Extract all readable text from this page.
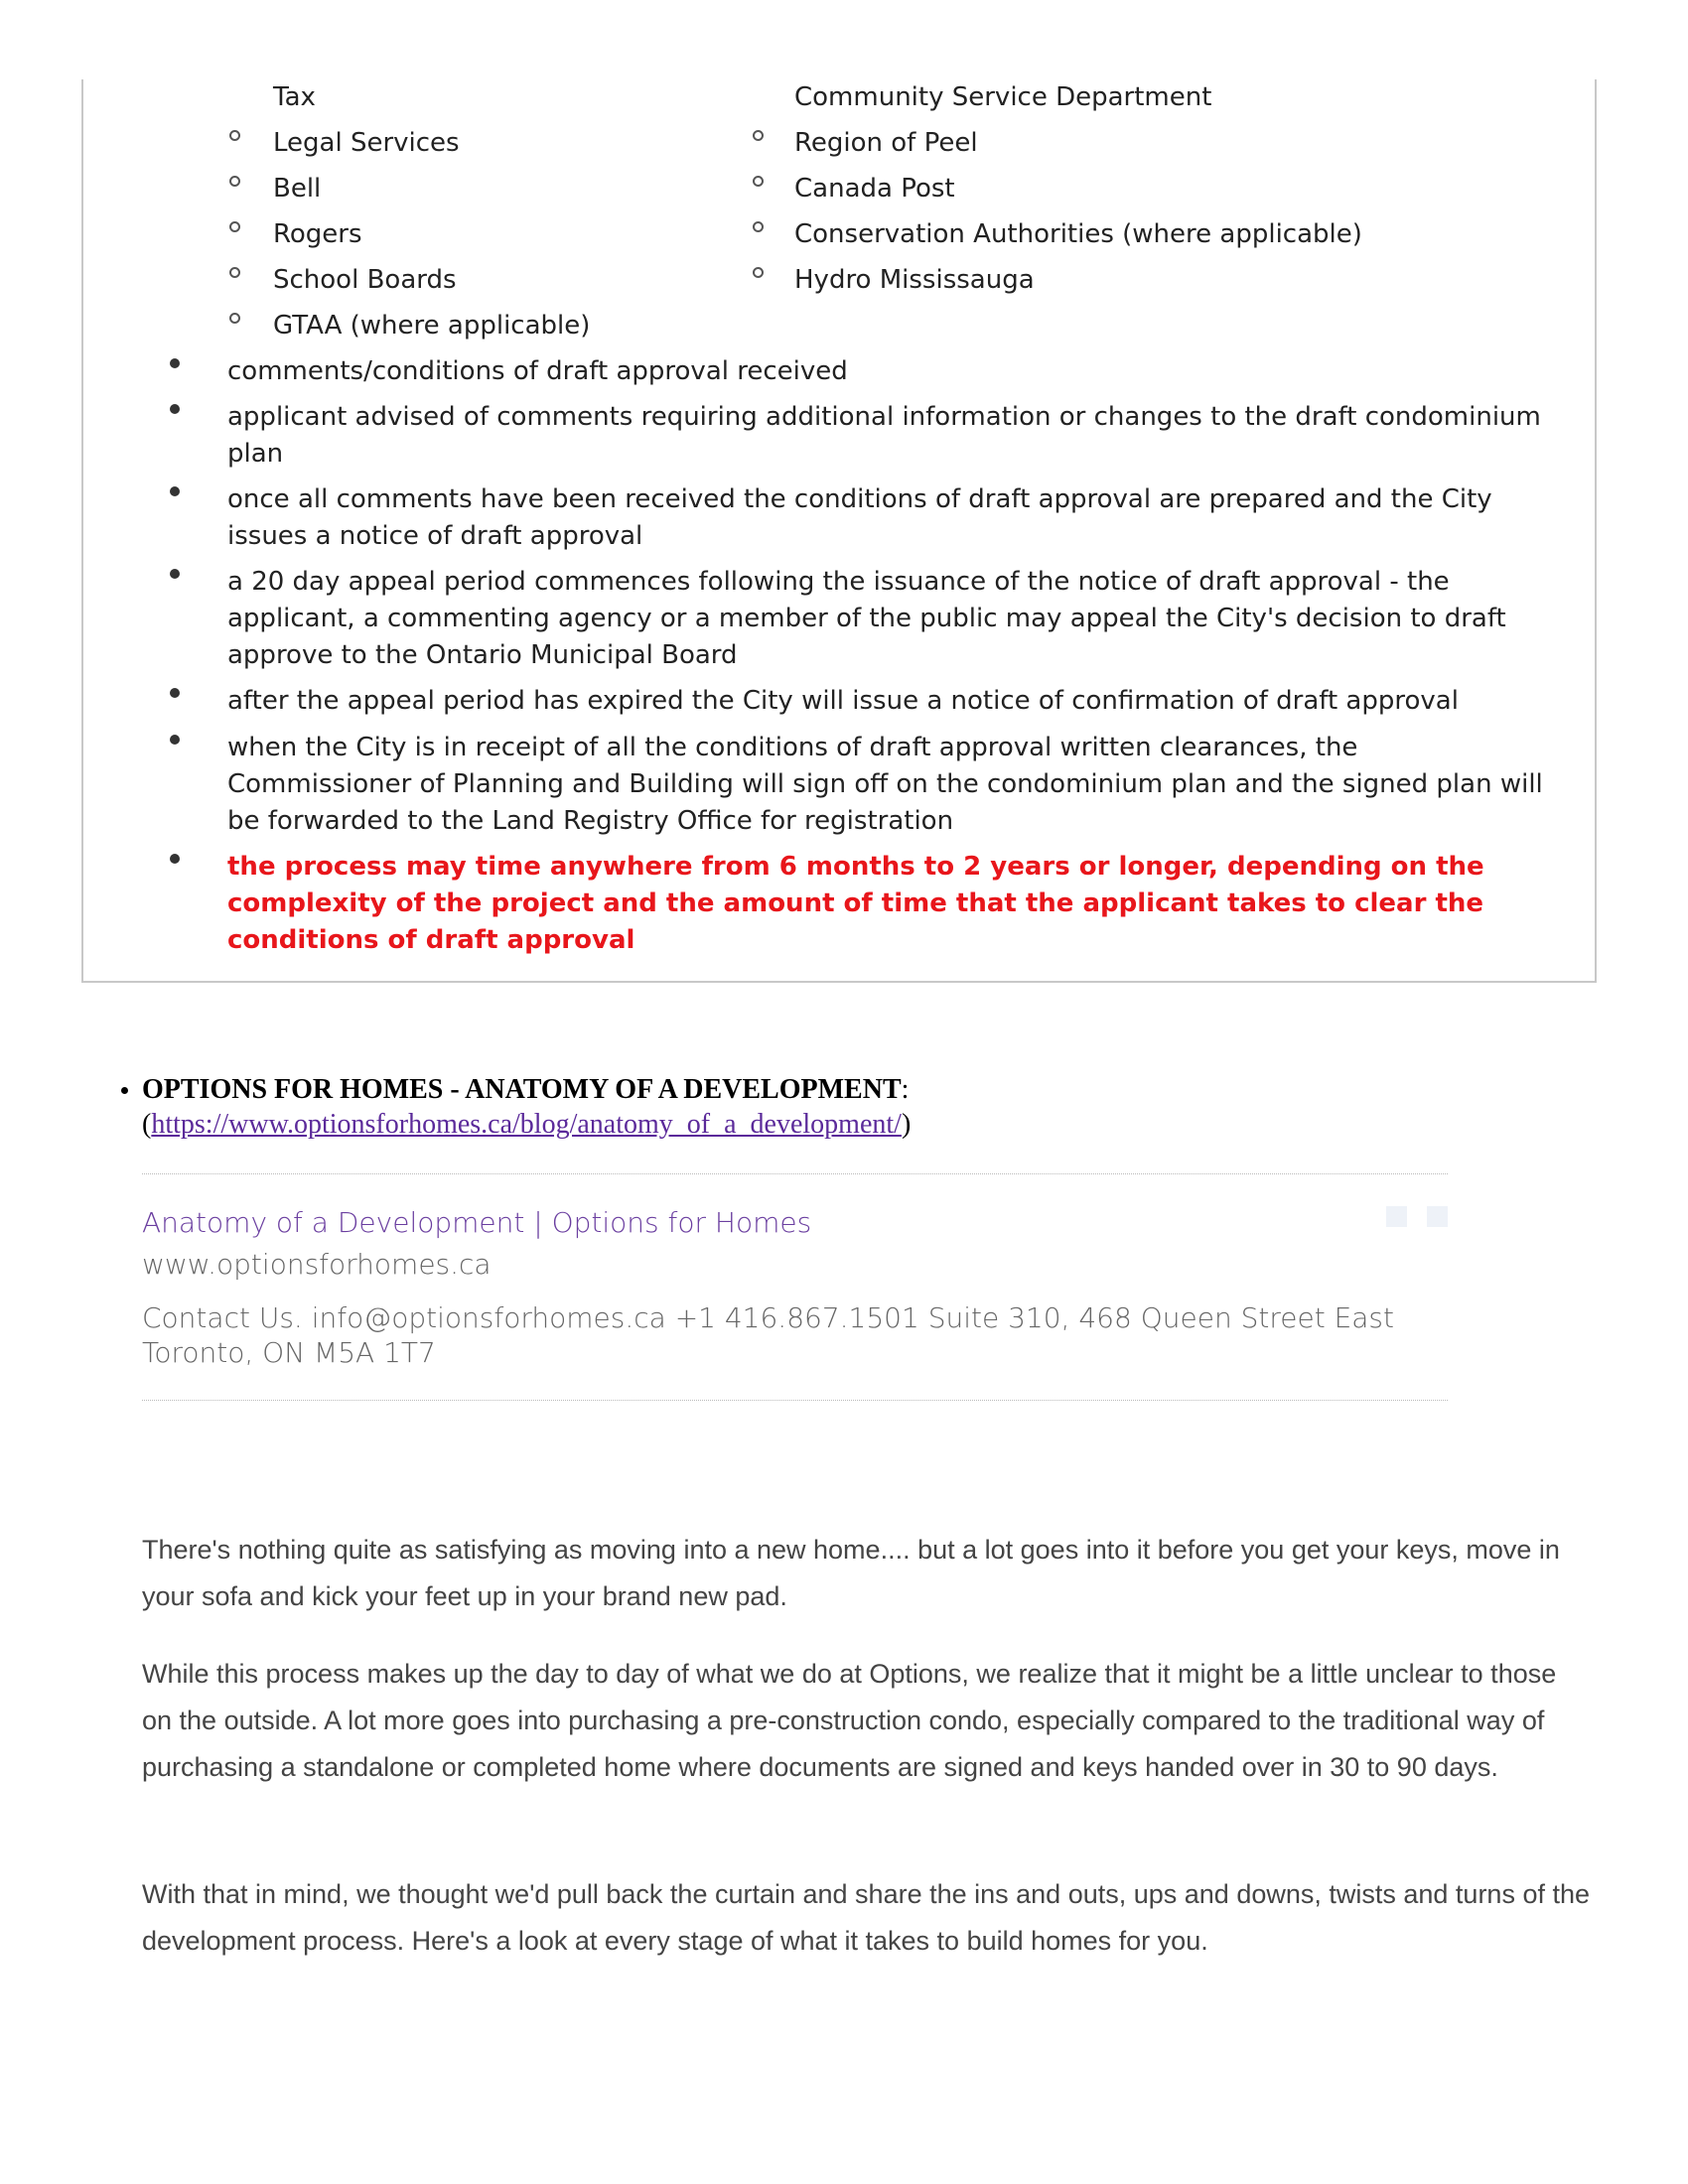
Tax
Legal Services
Bell
Rogers
School Boards
GTAA (where applicable)
Community Service Department
Region of Peel
Canada Post
Conservation Authorities (where applicable)
Hydro Mississauga
comments/conditions of draft approval received
applicant advised of comments requiring additional information or changes to the draft condominium plan
once all comments have been received the conditions of draft approval are prepared and the City issues a notice of draft approval
a 20 day appeal period commences following the issuance of the notice of draft approval - the applicant, a commenting agency or a member of the public may appeal the City's decision to draft approve to the Ontario Municipal Board
after the appeal period has expired the City will issue a notice of confirmation of draft approval
when the City is in receipt of all the conditions of draft approval written clearances, the Commissioner of Planning and Building will sign off on the condominium plan and the signed plan will be forwarded to the Land Registry Office for registration
the process may time anywhere from 6 months to 2 years or longer, depending on the complexity of the project and the amount of time that the applicant takes to clear the conditions of draft approval
OPTIONS FOR HOMES - ANATOMY OF A DEVELOPMENT:
(https://www.optionsforhomes.ca/blog/anatomy_of_a_development/)
Anatomy of a Development | Options for Homes
www.optionsforhomes.ca
Contact Us. info@optionsforhomes.ca +1 416.867.1501 Suite 310, 468 Queen Street East Toronto, ON M5A 1T7

There's nothing quite as satisfying as moving into a new home.... but a lot goes into it before you get your keys, move in your sofa and kick your feet up in your brand new pad.

While this process makes up the day to day of what we do at Options, we realize that it might be a little unclear to those on the outside. A lot more goes into purchasing a pre-construction condo, especially compared to the traditional way of purchasing a standalone or completed home where documents are signed and keys handed over in 30 to 90 days.

With that in mind, we thought we'd pull back the curtain and share the ins and outs, ups and downs, twists and turns of the development process. Here's a look at every stage of what it takes to build homes for you.
